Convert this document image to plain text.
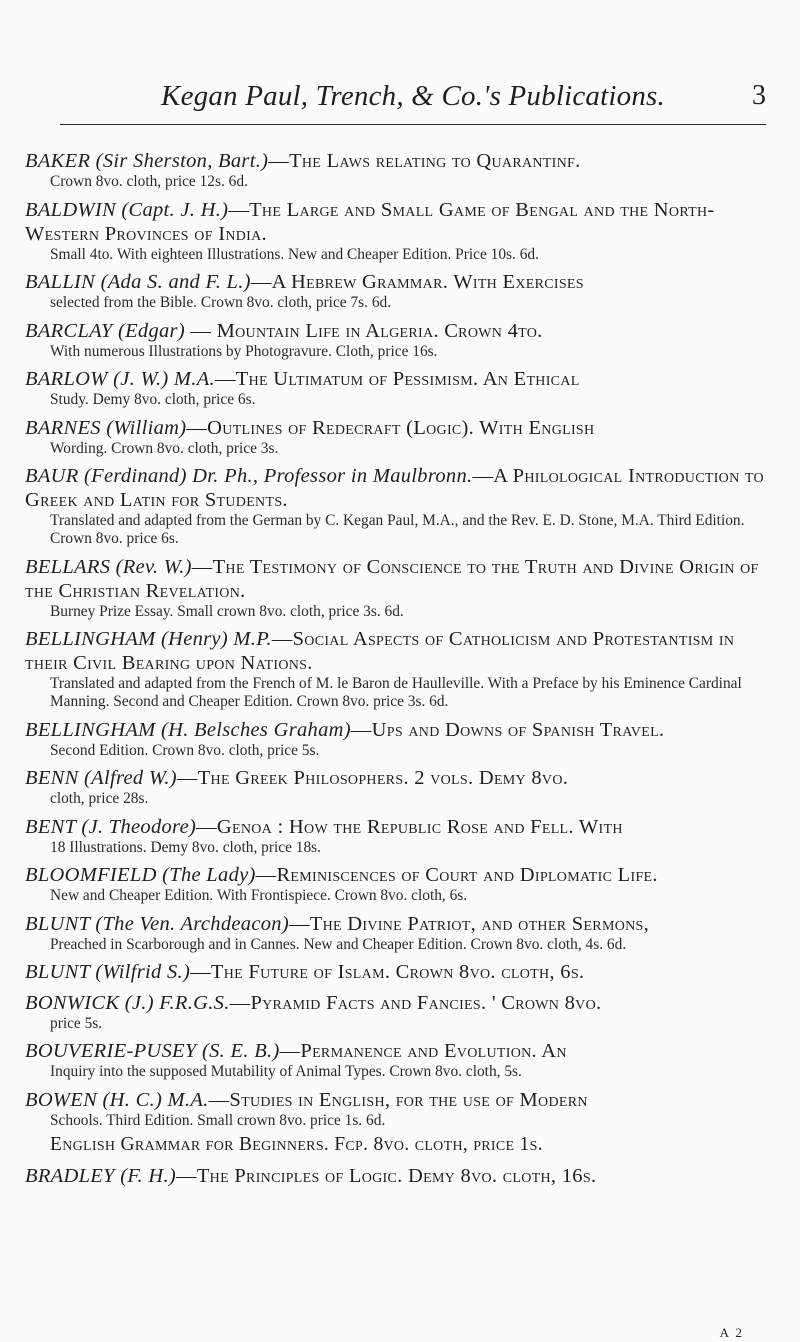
Kegan Paul, Trench, & Co.'s Publications.	3
BAKER (Sir Sherston, Bart.)—The Laws relating to Quarantinf.
Crown 8vo. cloth, price 12s. 6d.
BALDWIN (Capt. J. H.)—The Large and Small Game of Bengal and the North-Western Provinces of India.
Small 4to. With eighteen Illustrations. New and Cheaper Edition. Price 10s. 6d.
BALLIN (Ada S. and F. L.)—A Hebrew Grammar. With Exercises
selected from the Bible. Crown 8vo. cloth, price 7s. 6d.
BARCLAY (Edgar) — Mountain Life in Algeria. Crown 4to.
With numerous Illustrations by Photogravure. Cloth, price 16s.
BARLOW (J. W.) M.A.—The Ultimatum of Pessimism. An Ethical
Study. Demy 8vo. cloth, price 6s.
BARNES (William)—Outlines of Redecraft (Logic). With English
Wording. Crown 8vo. cloth, price 3s.
BAUR (Ferdinand) Dr. Ph., Professor in Maulbronn.—A Philological Introduction to Greek and Latin for Students.
Translated and adapted from the German by C. Kegan Paul, M.A., and the Rev. E. D. Stone, M.A. Third Edition. Crown 8vo. price 6s.
BELLARS (Rev. W.)—The Testimony of Conscience to the Truth and Divine Origin of the Christian Revelation.
Burney Prize Essay. Small crown 8vo. cloth, price 3s. 6d.
BELLINGHAM (Henry) M.P.—Social Aspects of Catholicism and Protestantism in their Civil Bearing upon Nations.
Translated and adapted from the French of M. le Baron de Haulleville. With a Preface by his Eminence Cardinal Manning. Second and Cheaper Edition. Crown 8vo. price 3s. 6d.
BELLINGHAM (H. Belsches Graham)—Ups and Downs of Spanish Travel.
Second Edition. Crown 8vo. cloth, price 5s.
BENN (Alfred W.)—The Greek Philosophers. 2 vols. Demy 8vo.
cloth, price 28s.
BENT (J. Theodore)—Genoa : How the Republic Rose and Fell. With
18 Illustrations. Demy 8vo. cloth, price 18s.
BLOOMFIELD (The Lady)—Reminiscences of Court and Diplomatic Life.
New and Cheaper Edition. With Frontispiece. Crown 8vo. cloth, 6s.
BLUNT (The Ven. Archdeacon)—The Divine Patriot, and other Sermons,
Preached in Scarborough and in Cannes. New and Cheaper Edition. Crown 8vo. cloth, 4s. 6d.
BLUNT (Wilfrid S.)—The Future of Islam. Crown 8vo. cloth, 6s.
BONWICK (J.) F.R.G.S.—Pyramid Facts and Fancies. ' Crown 8vo.
price 5s.
BOUVERIE-PUSEY (S. E. B.)—Permanence and Evolution. An
Inquiry into the supposed Mutability of Animal Types. Crown 8vo. cloth, 5s.
BOWEN (H. C.) M.A.—Studies in English, for the use of Modern
Schools. Third Edition. Small crown 8vo. price 1s. 6d.
English Grammar for Beginners. Fcp. 8vo. cloth, price 1s.
BRADLEY (F. H.)—The Principles of Logic. Demy 8vo. cloth, 16s.
A 2
